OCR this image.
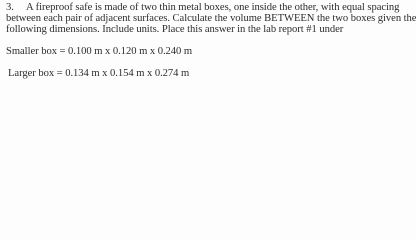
3. A fireproof safe is made of two thin metal boxes, one inside the other, with equal spacing
between each pair of adjacent surfaces. Calculate the volume BETWEEN the two boxes given the
following dimensions. Include units. Place this answer in the lab report #1 under
Smaller box = 0.100 m x 0.120 m x 0.240 m
Larger box = 0.134 m x 0.154 m x 0.274 m
